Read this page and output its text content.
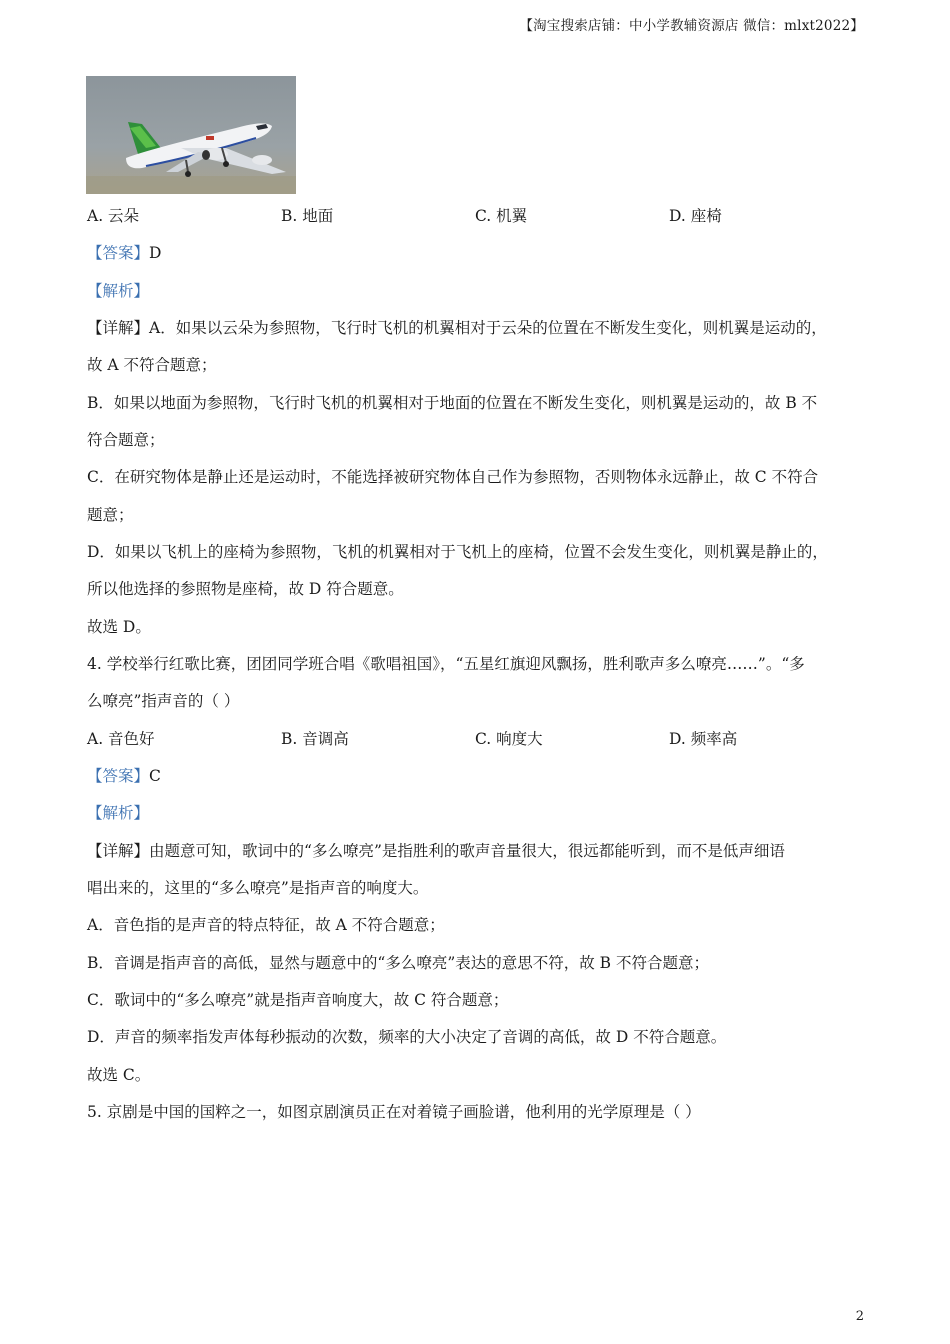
【淘宝搜索店铺：中小学教辅资源店 微信：mlxt2022】
A. 云朵	B. 地面	C. 机翼	D. 座椅
【答案】D
【解析】
【详解】A．如果以云朵为参照物，飞行时飞机的机翼相对于云朵的位置在不断发生变化，则机翼是运动的，
故 A 不符合题意；
B．如果以地面为参照物，飞行时飞机的机翼相对于地面的位置在不断发生变化，则机翼是运动的，故 B 不
符合题意；
C．在研究物体是静止还是运动时，不能选择被研究物体自己作为参照物，否则物体永远静止，故 C 不符合
题意；
D．如果以飞机上的座椅为参照物，飞机的机翼相对于飞机上的座椅，位置不会发生变化，则机翼是静止的，
所以他选择的参照物是座椅，故 D 符合题意。
故选 D。
4. 学校举行红歌比赛，团团同学班合唱《歌唱祖国》，“五星红旗迎风飘扬，胜利歌声多么嘹亮……”。“多
么嘹亮”指声音的（ ）
A. 音色好	B. 音调高	C. 响度大	D. 频率高
【答案】C
【解析】
【详解】由题意可知，歌词中的“多么嘹亮”是指胜利的歌声音量很大，很远都能听到，而不是低声细语
唱出来的，这里的“多么嘹亮”是指声音的响度大。
A．音色指的是声音的特点特征，故 A 不符合题意；
B．音调是指声音的高低，显然与题意中的“多么嘹亮”表达的意思不符，故 B 不符合题意；
C．歌词中的“多么嘹亮”就是指声音响度大，故 C 符合题意；
D．声音的频率指发声体每秒振动的次数，频率的大小决定了音调的高低，故 D 不符合题意。
故选 C。
5. 京剧是中国的国粹之一，如图京剧演员正在对着镜子画脸谱，他利用的光学原理是（ ）
2
